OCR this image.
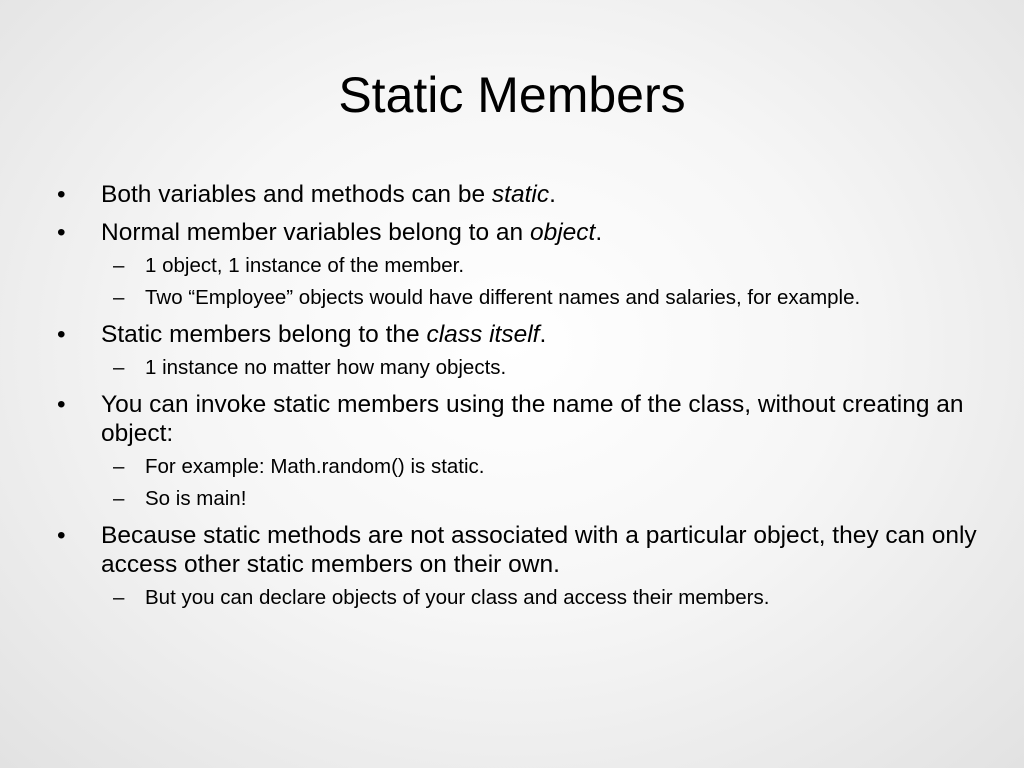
Static Members
•	Both variables and methods can be static.
•	Normal member variables belong to an object.
– 1 object, 1 instance of the member.
– Two “Employee” objects would have different names and salaries, for example.
•	Static members belong to the class itself.
– 1 instance no matter how many objects.
•	You can invoke static members using the name of the class, without creating an object:
– For example: Math.random() is static.
– So is main!
•	Because static methods are not associated with a particular object, they can only access other static members on their own.
– But you can declare objects of your class and access their members.
